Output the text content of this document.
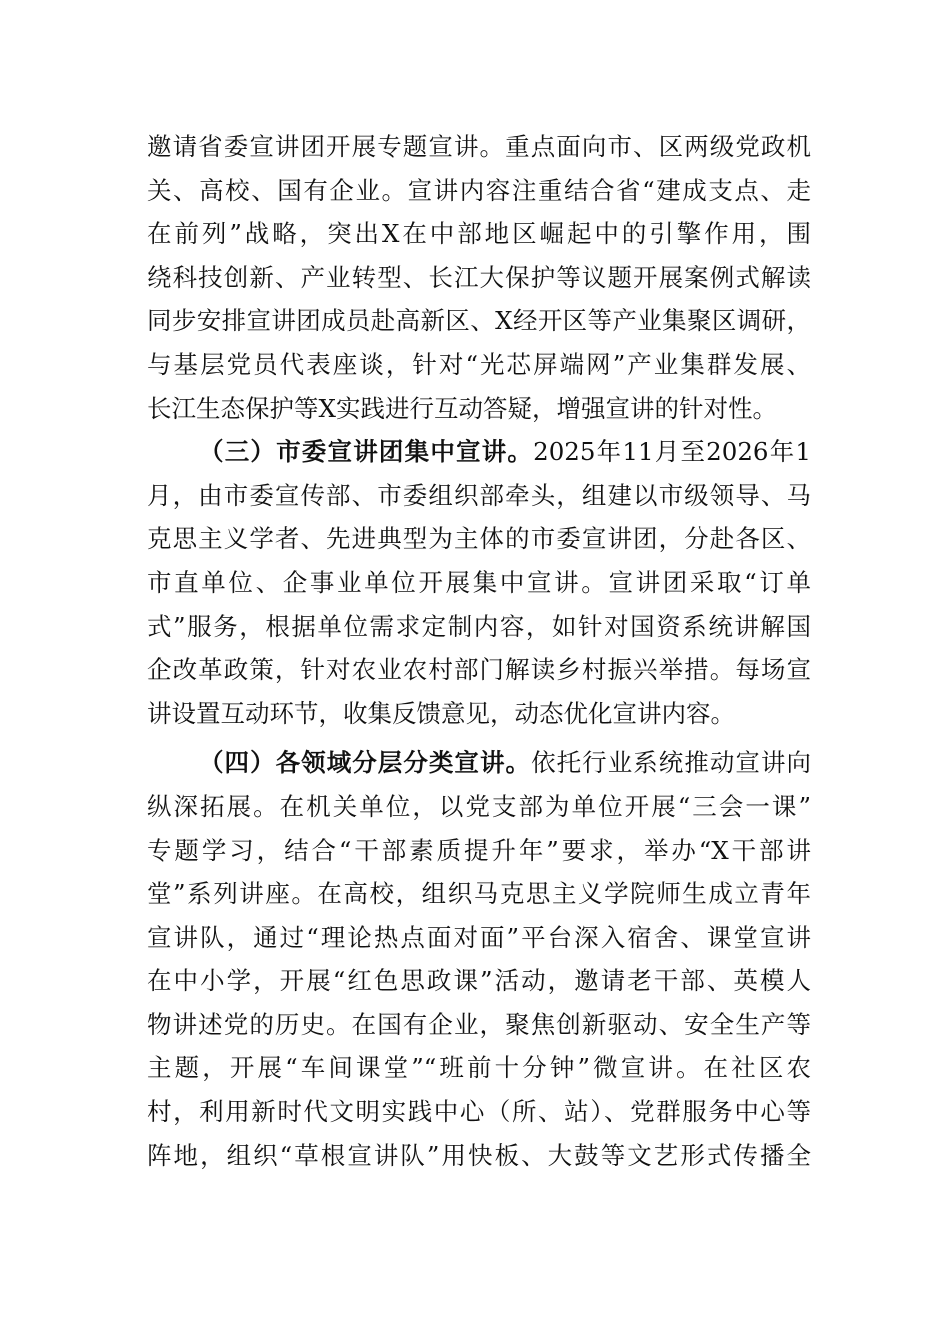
邀请省委宣讲团开展专题宣讲。重点面向市、区两级党政机
关、高校、国有企业。宣讲内容注重结合省“建成支点、走
在前列”战略，突出X在中部地区崛起中的引擎作用，围
绕科技创新、产业转型、长江大保护等议题开展案例式解读
同步安排宣讲团成员赴高新区、X经开区等产业集聚区调研，
与基层党员代表座谈，针对“光芯屏端网”产业集群发展、
长江生态保护等X实践进行互动答疑，增强宣讲的针对性。
（三）市委宣讲团集中宣讲。2025年11月至2026年1
月，由市委宣传部、市委组织部牵头，组建以市级领导、马
克思主义学者、先进典型为主体的市委宣讲团，分赴各区、
市直单位、企事业单位开展集中宣讲。宣讲团采取“订单
式”服务，根据单位需求定制内容，如针对国资系统讲解国
企改革政策，针对农业农村部门解读乡村振兴举措。每场宣
讲设置互动环节，收集反馈意见，动态优化宣讲内容。
（四）各领域分层分类宣讲。依托行业系统推动宣讲向
纵深拓展。在机关单位，以党支部为单位开展“三会一课”
专题学习，结合“干部素质提升年”要求，举办“X干部讲
堂”系列讲座。在高校，组织马克思主义学院师生成立青年
宣讲队，通过“理论热点面对面”平台深入宿舍、课堂宣讲
在中小学，开展“红色思政课”活动，邀请老干部、英模人
物讲述党的历史。在国有企业，聚焦创新驱动、安全生产等
主题，开展“车间课堂”“班前十分钟”微宣讲。在社区农
村，利用新时代文明实践中心（所、站）、党群服务中心等
阵地，组织“草根宣讲队”用快板、大鼓等文艺形式传播全
